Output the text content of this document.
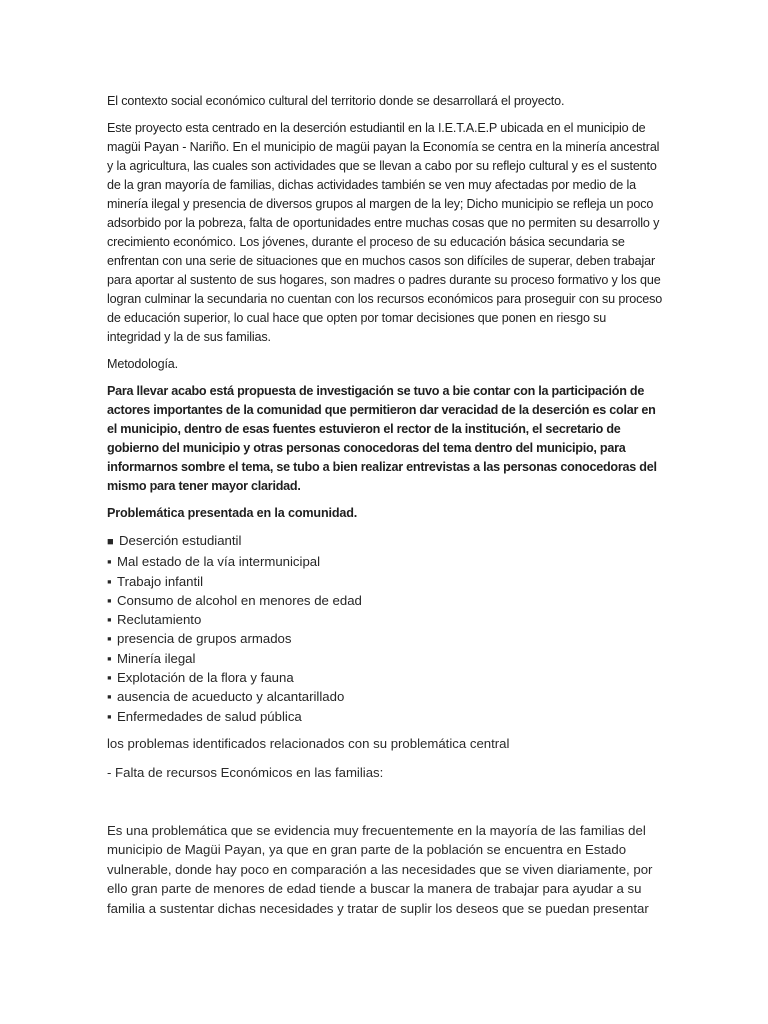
El contexto social económico cultural del territorio donde se desarrollará el proyecto.

Este proyecto esta centrado en la deserción estudiantil en la I.E.T.A.E.P ubicada en el municipio de magüi Payan - Nariño. En el municipio de magüi payan la Economía se centra en la minería ancestral y la agricultura, las cuales son actividades que se llevan a cabo por su reflejo cultural y es el sustento de la gran mayoría de familias, dichas actividades también se ven muy afectadas por medio de la minería ilegal y presencia de diversos grupos al margen de la ley; Dicho municipio se refleja un poco adsorbido por la pobreza, falta de oportunidades entre muchas cosas que no permiten su desarrollo y crecimiento económico. Los jóvenes, durante el proceso de su educación básica secundaria se enfrentan con una serie de situaciones que en muchos casos son difíciles de superar, deben trabajar para aportar al sustento de sus hogares, son madres o padres durante su proceso formativo y los que logran culminar la secundaria no cuentan con los recursos económicos para proseguir con su proceso de educación superior, lo cual hace que opten por tomar decisiones que ponen en riesgo su integridad y la de sus familias.

Metodología.

Para llevar acabo está propuesta de investigación se tuvo a bie contar con la participación de actores importantes de la comunidad que permitieron dar veracidad de la deserción es colar en el municipio, dentro de esas fuentes estuvieron el rector de la institución, el secretario de gobierno del municipio y otras personas conocedoras del tema dentro del municipio, para informarnos sombre el tema, se tubo a bien realizar entrevistas a las personas conocedoras del mismo para tener mayor claridad.

Problemática presentada en la comunidad.

■ Deserción estudiantil
▪ Mal estado de la vía intermunicipal
▪ Trabajo infantil
▪ Consumo de alcohol en menores de edad
▪ Reclutamiento
▪ presencia de grupos armados
▪ Minería ilegal
▪ Explotación de la flora y fauna
▪ ausencia de acueducto y alcantarillado
▪ Enfermedades de salud pública

los problemas identificados relacionados con su problemática central

- Falta de recursos Económicos en las familias:

Es una problemática que se evidencia muy frecuentemente en la mayoría de las familias del municipio de Magüi Payan, ya que en gran parte de la población se encuentra en Estado vulnerable, donde hay poco en comparación a las necesidades que se viven diariamente, por ello gran parte de menores de edad tiende a buscar la manera de trabajar para ayudar a su familia a sustentar dichas necesidades y tratar de suplir los deseos que se puedan presentar
